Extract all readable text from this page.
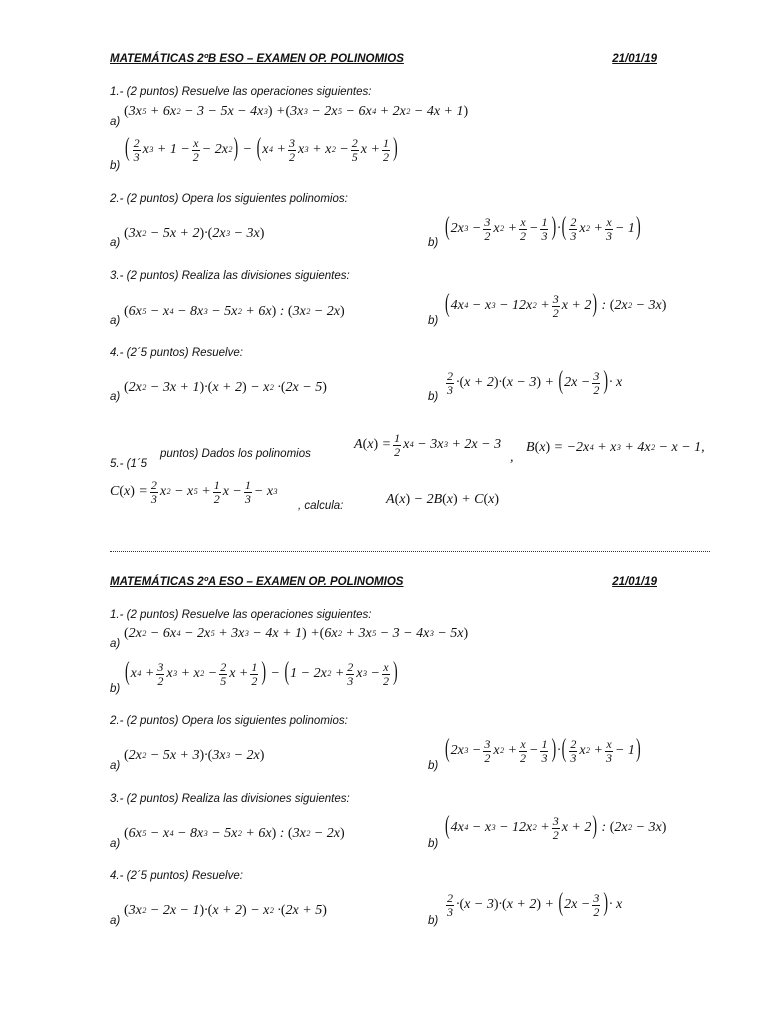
MATEMÁTICAS 2ºB ESO – EXAMEN OP. POLINOMIOS	21/01/19
1.- (2 puntos) Resuelve las operaciones siguientes:
a)
( 3x 5 + 6x 2 − 3 − 5x − 4x 3 ) + ( 3x 3 − 2x 5 − 6x 4 + 2x 2 − 4x + 1 )
b)
( $\frac{2}{3}$ x $3 + 1 - \frac{x}{2} - 2x$ 2 ) − ( x $4 + \frac{3}{2}$ x 3 + x $2 - \frac{2}{5}$ $x + \frac{1}{2}$ )
2.- (2 puntos) Opera los siguientes polinomios:
a)
( 3x 2 − 5x + 2 ) · ( 2x 3 − 3x )
b)
( 2x $3 - \frac{3}{2}$ x $2 + \frac{x}{2} - \frac{1}{3}$ ) · ( $\frac{2}{3}$ x $2 + \frac{x}{3} - 1$ )
3.- (2 puntos) Realiza las divisiones siguientes:
a)
( 6x 5 − x 4 − 8x 3 − 5x 2 + 6x ) : ( 3x 2 − 2x )
b)
( 4x 4 − x 3 − 12x $2 + \frac{3}{2}$ x + 2 ) : ( 2x 2 − 3x )
4.- (2´5 puntos) Resuelve:
a)
( 2x 2 − 3x + 1 ) · ( x + 2 ) − x 2 · ( 2x − 5 )
b)
$\frac{2}{3}$ · ( x + 2 ) · ( x − 3 ) + ( $2x - \frac{3}{2}$ ) · x
5.- (1´5
puntos) Dados los polinomios
A ( x ) = $\frac{1}{2}$ x 4 − 3x 3 + 2x − 3
,
B ( x ) = −2x 4 + x 3 + 4x 2 − x − 1,
C ( x ) = $\frac{2}{3}$ x 2 − x $5 + \frac{1}{2}$ $x - \frac{1}{3} - x$ 3
, calcula:	A ( x ) − 2B ( x ) + C ( x )
MATEMÁTICAS 2ºA ESO – EXAMEN OP. POLINOMIOS	21/01/19
1.- (2 puntos) Resuelve las operaciones siguientes:
a)
( 2x 2 − 6x 4 − 2x 5 + 3x 3 − 4x + 1 ) + ( 6x 2 + 3x 5 − 3 − 4x 3 − 5x )
b)
( x $4 + \frac{3}{2}$ x 3 + x $2 - \frac{2}{5}$ $x + \frac{1}{2}$ ) − ( 1 − 2x $2 + \frac{2}{3}$ x $3 - \frac{x}{2}$ )
2.- (2 puntos) Opera los siguientes polinomios:
a)
( 2x 2 − 5x + 3 ) · ( 3x 3 − 2x )
b)
( 2x $3 - \frac{3}{2}$ x $2 + \frac{x}{2} - \frac{1}{3}$ ) · ( $\frac{2}{3}$ x $2 + \frac{x}{3} - 1$ )
3.- (2 puntos) Realiza las divisiones siguientes:
a)
( 6x 5 − x 4 − 8x 3 − 5x 2 + 6x ) : ( 3x 2 − 2x )
b)
( 4x 4 − x 3 − 12x $2 + \frac{3}{2}$ x + 2 ) : ( 2x 2 − 3x )
4.- (2´5 puntos) Resuelve:
a)
( 3x 2 − 2x − 1 ) · ( x + 2 ) − x 2 · ( 2x + 5 )
b)
$\frac{2}{3}$ · ( x − 3 ) · ( x + 2 ) + ( $2x - \frac{3}{2}$ ) · x
